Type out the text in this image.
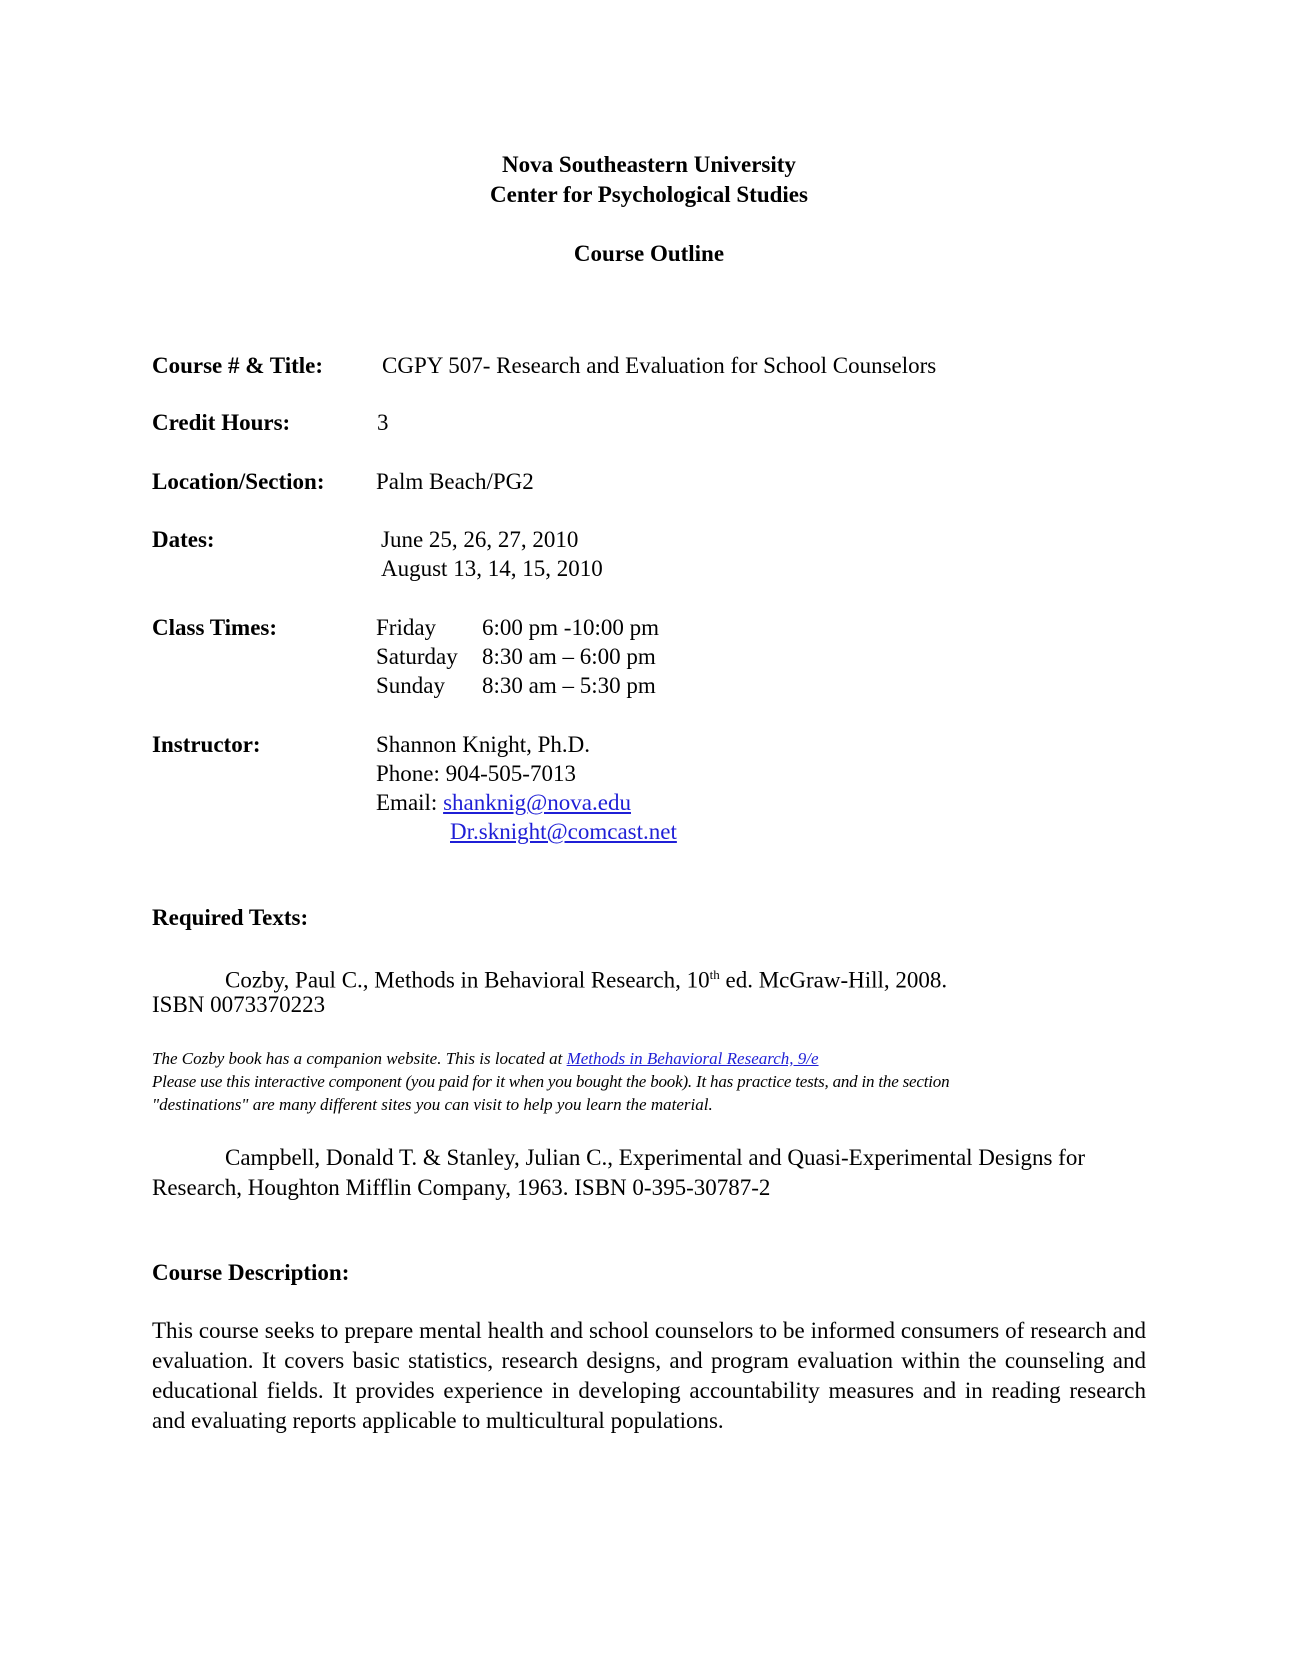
Nova Southeastern University
Center for Psychological Studies
Course Outline
Course # & Title:	CGPY 507- Research and Evaluation for School Counselors
Credit Hours:	3
Location/Section: Palm Beach/PG2
Dates:	June 25, 26, 27, 2010
August 13, 14, 15, 2010
Class Times:	Friday 6:00 pm -10:00 pm
Saturday 8:30 am – 6:00 pm
Sunday 8:30 am – 5:30 pm
Instructor:	Shannon Knight, Ph.D.
Phone: 904-505-7013
Email: shanknig@nova.edu
Dr.sknight@comcast.net
Required Texts:
Cozby, Paul C., Methods in Behavioral Research, 10th ed. McGraw-Hill, 2008.
ISBN 0073370223
The Cozby book has a companion website. This is located at Methods in Behavioral Research, 9/e
Please use this interactive component (you paid for it when you bought the book). It has practice tests, and in the section
"destinations" are many different sites you can visit to help you learn the material.
Campbell, Donald T. & Stanley, Julian C., Experimental and Quasi-Experimental Designs for
Research, Houghton Mifflin Company, 1963. ISBN 0-395-30787-2
Course Description:
This course seeks to prepare mental health and school counselors to be informed consumers of research and evaluation. It covers basic statistics, research designs, and program evaluation within the counseling and educational fields. It provides experience in developing accountability measures and in reading research and evaluating reports applicable to multicultural populations.
